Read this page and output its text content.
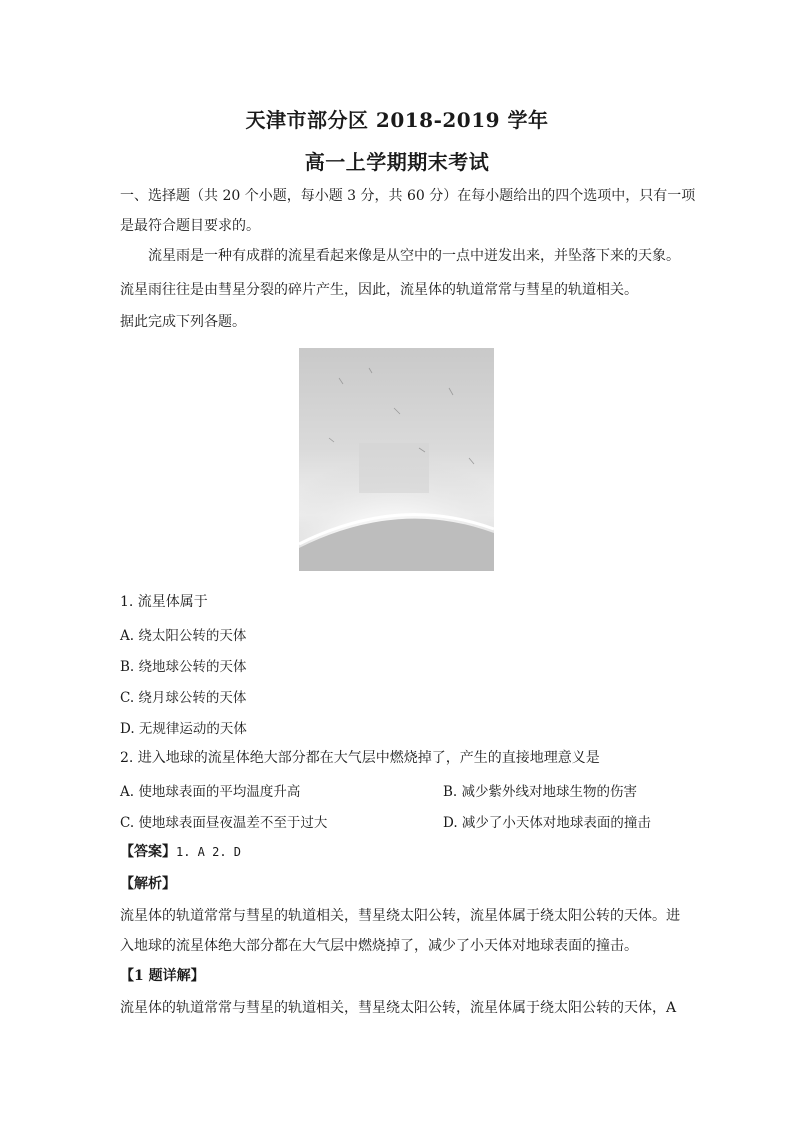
天津市部分区 2018-2019 学年
高一上学期期末考试
一、选择题（共 20 个小题，每小题 3 分，共 60 分）在每小题给出的四个选项中，只有一项
是最符合题目要求的。
流星雨是一种有成群的流星看起来像是从空中的一点中迸发出来，并坠落下来的天象。
流星雨往往是由彗星分裂的碎片产生，因此，流星体的轨道常常与彗星的轨道相关。
据此完成下列各题。
1. 流星体属于
A. 绕太阳公转的天体
B. 绕地球公转的天体
C. 绕月球公转的天体
D. 无规律运动的天体
2. 进入地球的流星体绝大部分都在大气层中燃烧掉了，产生的直接地理意义是
A. 使地球表面的平均温度升高	B. 减少紫外线对地球生物的伤害
C. 使地球表面昼夜温差不至于过大	D. 减少了小天体对地球表面的撞击
【答案】1. A 2. D
【解析】
流星体的轨道常常与彗星的轨道相关，彗星绕太阳公转，流星体属于绕太阳公转的天体。进
入地球的流星体绝大部分都在大气层中燃烧掉了，减少了小天体对地球表面的撞击。
【1 题详解】
流星体的轨道常常与彗星的轨道相关，彗星绕太阳公转，流星体属于绕太阳公转的天体，A
